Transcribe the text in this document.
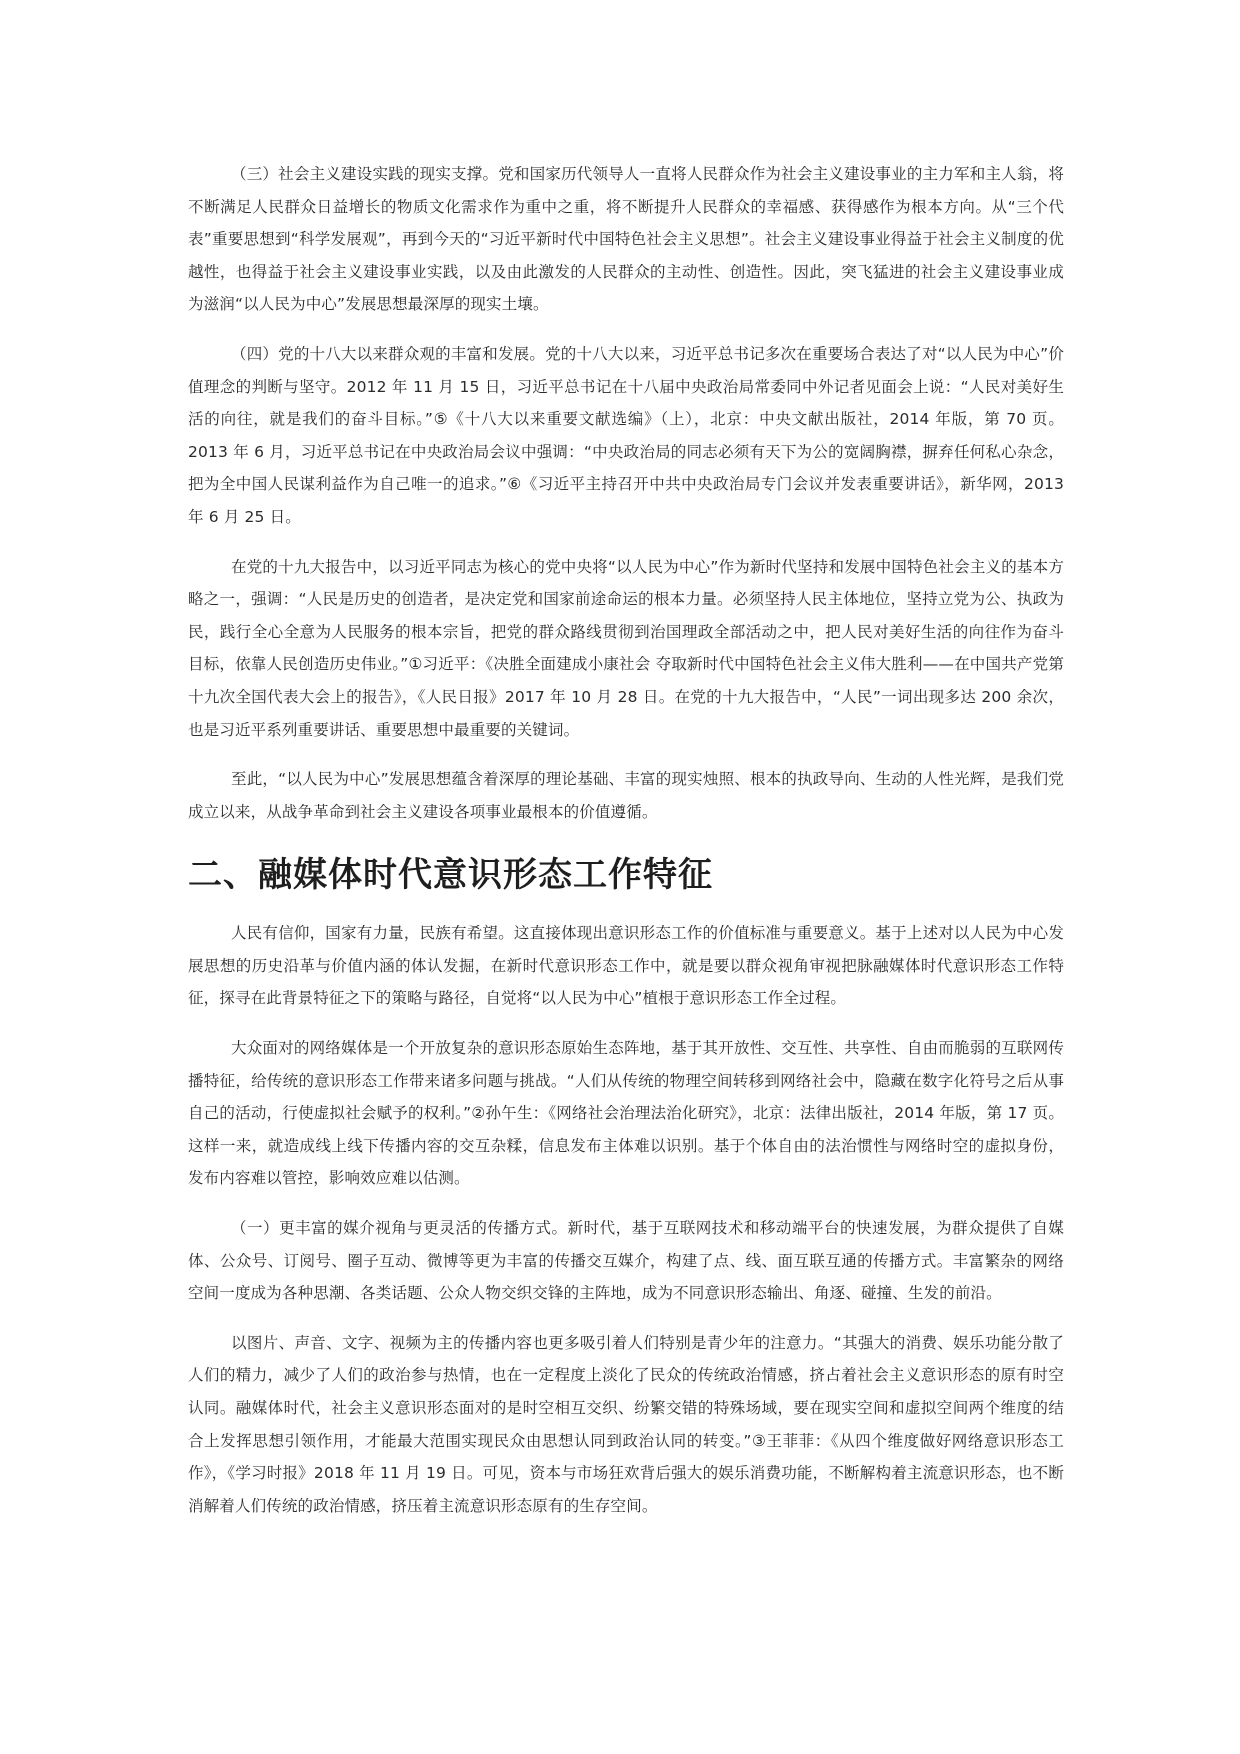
（三）社会主义建设实践的现实支撑。党和国家历代领导人一直将人民群众作为社会主义建设事业的主力军和主人翁，将不断满足人民群众日益增长的物质文化需求作为重中之重，将不断提升人民群众的幸福感、获得感作为根本方向。从“三个代表”重要思想到“科学发展观”，再到今天的“习近平新时代中国特色社会主义思想”。社会主义建设事业得益于社会主义制度的优越性，也得益于社会主义建设事业实践，以及由此激发的人民群众的主动性、创造性。因此，突飞猛进的社会主义建设事业成为滋润“以人民为中心”发展思想最深厚的现实土壤。

（四）党的十八大以来群众观的丰富和发展。党的十八大以来，习近平总书记多次在重要场合表达了对“以人民为中心”价值理念的判断与坚守。2012 年 11 月 15 日，习近平总书记在十八届中央政治局常委同中外记者见面会上说：“人民对美好生活的向往，就是我们的奋斗目标。”⑤《十八大以来重要文献选编》（上），北京：中央文献出版社，2014 年版，第 70 页。2013 年 6 月，习近平总书记在中央政治局会议中强调：“中央政治局的同志必须有天下为公的宽阔胸襟，摒弃任何私心杂念，把为全中国人民谋利益作为自己唯一的追求。”⑥《习近平主持召开中共中央政治局专门会议并发表重要讲话》，新华网，2013 年 6 月 25 日。

在党的十九大报告中，以习近平同志为核心的党中央将“以人民为中心”作为新时代坚持和发展中国特色社会主义的基本方略之一，强调：“人民是历史的创造者，是决定党和国家前途命运的根本力量。必须坚持人民主体地位，坚持立党为公、执政为民，践行全心全意为人民服务的根本宗旨，把党的群众路线贯彻到治国理政全部活动之中，把人民对美好生活的向往作为奋斗目标，依靠人民创造历史伟业。”①习近平：《决胜全面建成小康社会 夺取新时代中国特色社会主义伟大胜利——在中国共产党第十九次全国代表大会上的报告》，《人民日报》2017 年 10 月 28 日。在党的十九大报告中，“人民”一词出现多达 200 余次，也是习近平系列重要讲话、重要思想中最重要的关键词。

至此，“以人民为中心”发展思想蕴含着深厚的理论基础、丰富的现实烛照、根本的执政导向、生动的人性光辉，是我们党成立以来，从战争革命到社会主义建设各项事业最根本的价值遵循。

二、融媒体时代意识形态工作特征

人民有信仰，国家有力量，民族有希望。这直接体现出意识形态工作的价值标准与重要意义。基于上述对以人民为中心发展思想的历史沿革与价值内涵的体认发掘，在新时代意识形态工作中，就是要以群众视角审视把脉融媒体时代意识形态工作特征，探寻在此背景特征之下的策略与路径，自觉将“以人民为中心”植根于意识形态工作全过程。

大众面对的网络媒体是一个开放复杂的意识形态原始生态阵地，基于其开放性、交互性、共享性、自由而脆弱的互联网传播特征，给传统的意识形态工作带来诸多问题与挑战。“人们从传统的物理空间转移到网络社会中，隐藏在数字化符号之后从事自己的活动，行使虚拟社会赋予的权利。”②孙午生：《网络社会治理法治化研究》，北京：法律出版社，2014 年版，第 17 页。这样一来，就造成线上线下传播内容的交互杂糅，信息发布主体难以识别。基于个体自由的法治惯性与网络时空的虚拟身份，发布内容难以管控，影响效应难以估测。

（一）更丰富的媒介视角与更灵活的传播方式。新时代，基于互联网技术和移动端平台的快速发展，为群众提供了自媒体、公众号、订阅号、圈子互动、微博等更为丰富的传播交互媒介，构建了点、线、面互联互通的传播方式。丰富繁杂的网络空间一度成为各种思潮、各类话题、公众人物交织交锋的主阵地，成为不同意识形态输出、角逐、碰撞、生发的前沿。

以图片、声音、文字、视频为主的传播内容也更多吸引着人们特别是青少年的注意力。“其强大的消费、娱乐功能分散了人们的精力，减少了人们的政治参与热情，也在一定程度上淡化了民众的传统政治情感，挤占着社会主义意识形态的原有时空认同。融媒体时代，社会主义意识形态面对的是时空相互交织、纷繁交错的特殊场域，要在现实空间和虚拟空间两个维度的结合上发挥思想引领作用，才能最大范围实现民众由思想认同到政治认同的转变。”③王菲菲：《从四个维度做好网络意识形态工作》，《学习时报》2018 年 11 月 19 日。可见，资本与市场狂欢背后强大的娱乐消费功能，不断解构着主流意识形态，也不断消解着人们传统的政治情感，挤压着主流意识形态原有的生存空间。
